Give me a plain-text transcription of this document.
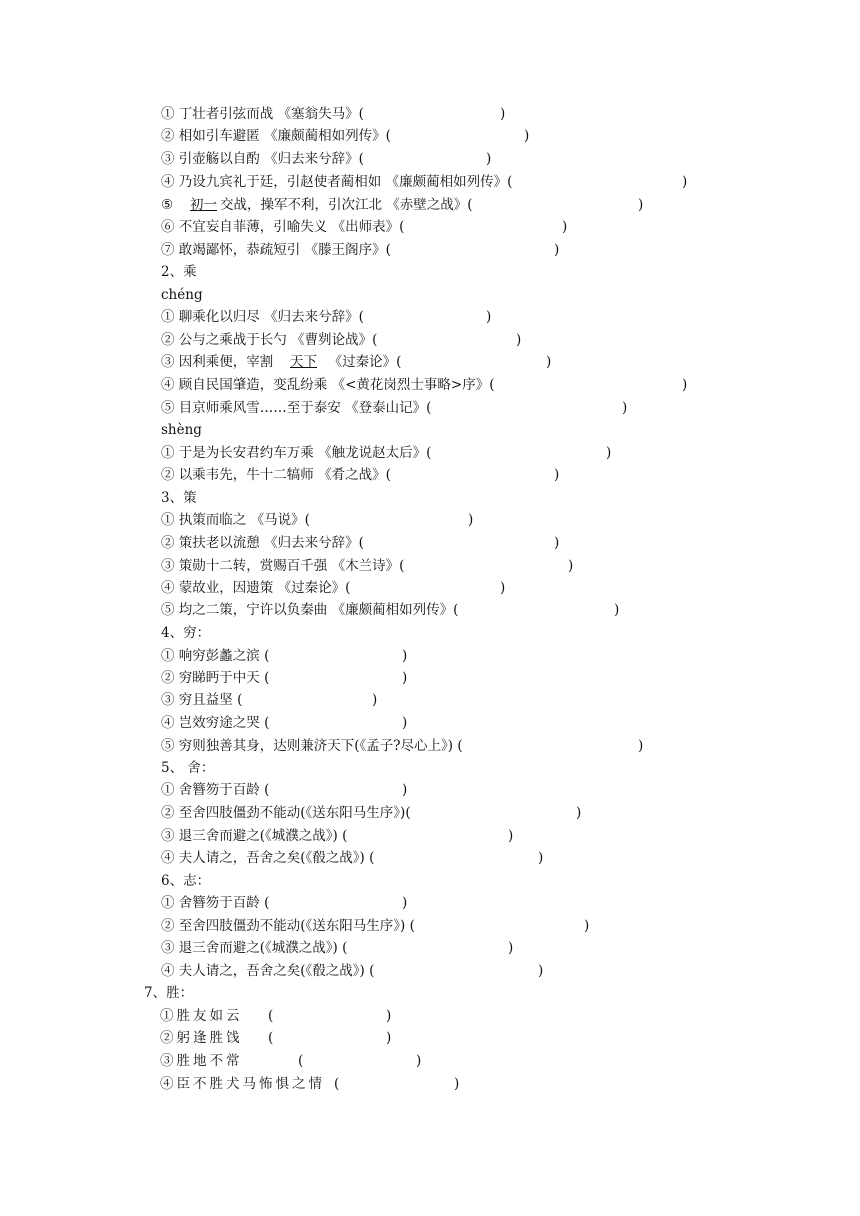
① 丁壮者引弦而战 《塞翁失马》(	)
② 相如引车避匿 《廉颇蔺相如列传》(	)
③ 引壶觞以自酌 《归去来兮辞》(	)
④ 乃设九宾礼于廷，引赵使者蔺相如 《廉颇蔺相如列传》(	)
⑤ 初一 交战，操军不利，引次江北 《赤壁之战》(	)
⑥ 不宜妄自菲薄，引喻失义 《出师表》(	)
⑦ 敢竭鄙怀，恭疏短引 《滕王阁序》(	)
2、乘
chéng
① 聊乘化以归尽 《归去来兮辞》(	)
② 公与之乘战于长勺 《曹刿论战》(	)
③ 因利乘便，宰割 天下 《过秦论》(	)
④ 顾自民国肇造，变乱纷乘 《<黄花岗烈士事略>序》(	)
⑤ 目京师乘风雪……至于泰安 《登泰山记》(	)
shèng
① 于是为长安君约车万乘 《触龙说赵太后》(	)
② 以乘韦先，牛十二犒师 《肴之战》(	)
3、策
① 执策而临之 《马说》(	)
② 策扶老以流憩 《归去来兮辞》(	)
③ 策勋十二转，赏赐百千强 《木兰诗》(	)
④ 蒙故业，因遗策 《过秦论》(	)
⑤ 均之二策，宁许以负秦曲 《廉颇蔺相如列传》(	)
4、穷：
① 响穷彭蠡之滨 (	)
② 穷睇眄于中天 (	)
③ 穷且益坚 (	)
④ 岂效穷途之哭 (	)
⑤ 穷则独善其身，达则兼济天下(《孟子?尽心上》) (	)
5、 舍：
① 舍簪笏于百龄 (	)
② 至舍四肢僵劲不能动(《送东阳马生序》)(	)
③ 退三舍而避之(《城濮之战》) (	)
④ 夫人请之，吾舍之矣(《殽之战》) (	)
6、志：
① 舍簪笏于百龄 (	)
② 至舍四肢僵劲不能动(《送东阳马生序》) (	)
③ 退三舍而避之(《城濮之战》) (	)
④ 夫人请之，吾舍之矣(《殽之战》) (	)
7、胜：
①胜友如云 (	)
②躬逢胜饯 (	)
③胜地不常	(	)
④臣不胜犬马怖惧之情 (	)
